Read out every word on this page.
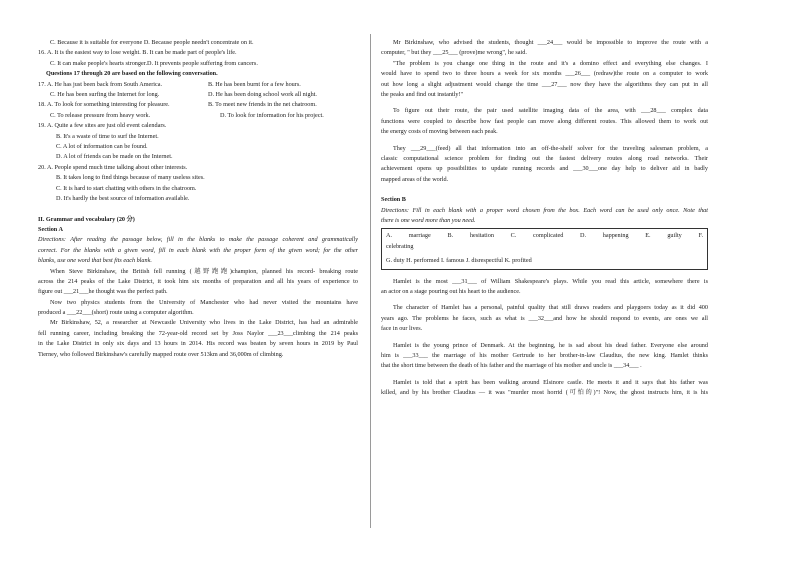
C. Because it is suitable for everyone D. Because people needn't concentrate on it.
16. A. It is the easiest way to lose weight. B. It can be made part of people's life.
C. It can make people's hearts stronger.D. It prevents people suffering from cancers.
Questions 17 through 20 are based on the following conversation.
17. A. He has just been back from South America.	B. He has been burnt for a few hours.
C. He has been surfing the Internet for long.	D. He has been doing school work all night.
18. A. To look for something interesting for pleasure.	B. To meet new friends in the net chatroom.
C. To release pressure from heavy work.	D. To look for information for his project.
19. A. Quite a few sites are just old event calendars.
B. It's a waste of time to surf the Internet.
C. A lot of information can be found.
D. A lot of friends can be made on the Internet.
20. A. People spend much time talking about other interests.
B. It takes long to find things because of many useless sites.
C. It is hard to start chatting with others in the chatroom.
D. It's hardly the best source of information available.
II. Grammar and vocabulary (20 分)
Section A
Directions: After reading the passage below, fill in the blanks to make the passage coherent and grammatically
correct. For the blanks with a given word, fill in each blank with the proper form of the given word; for the other
blanks, use one word that best fits each blank.
When Steve Birkinshaw, the British fell running (越野跑跑)champion, planned his record- breaking route
across the 214 peaks of the Lake District, it took him six months of preparation and all his years of experience to
figure out ___21___he thought was the perfect path.
Now two physics students from the University of Manchester who had never visited the mountains have
produced a ___22___(short) route using a computer algorithm.
Mr Birkinshaw, 52, a researcher at Newcastle University who lives in the Lake District, has had an admirable
fell running career, including breaking the 72-year-old record set by Joss Naylor ___23___climbing the 214 peaks
in the Lake District in only six days and 13 hours in 2014. His record was beaten by seven hours in 2019 by Paul
Tierney, who followed Birkinshaw's carefully mapped route over 513km and 36,000m of climbing.
Mr Birkinshaw, who advised the students, thought ___24___ would be impossible to improve the route with a
computer, " but they ___25___ (prove)me wrong", he said.
"The problem is you change one thing in the route and it's a domino effect and everything else changes. I
would have to spend two to three hours a week for six months ___26___ (redraw)the route on a computer to work
out how long a slight adjustment would change the time ___27___ now they have the algorithms they can put in all
the peaks and find out instantly!"
To figure out their route, the pair used satellite imaging data of the area, with ___28___ complex data
functions were coupled to describe how fast people can move along different routes. This allowed them to work out
the energy costs of moving between each peak.
They ___29___(feed) all that information into an off-the-shelf solver for the traveling salesman problem, a
classic computational science problem for finding out the fastest delivery routes along road networks. Their
achievement opens up possibilities to update running records and ___30___one day help to deliver aid in badly
mapped areas of the world.
Section B
Directions: Fill in each blank with a proper word chosen from the box. Each word can be used only once. Note that
there is one word more than you need.
A. marriage B. hesitation C. complicated D. happening E. guilty F.
celebrating
G. duty H. performed I. famous J. disrespectful K. profited
Hamlet is the most ___31___ of William Shakespeare's plays. While you read this article, somewhere there is
an actor on a stage pouring out his heart to the audience.
The character of Hamlet has a personal, painful quality that still draws readers and playgoers today as it did 400
years ago. The problems he faces, such as what is ___32___and how he should respond to events, are ones we all
face in our lives.
Hamlet is the young prince of Denmark. At the beginning, he is sad about his dead father. Everyone else around
him is ___33___ the marriage of his mother Gertrude to her brother-in-law Claudius, the new king. Hamlet thinks
that the short time between the death of his father and the marriage of his mother and uncle is ___34___ .
Hamlet is told that a spirit has been walking around Elsinore castle. He meets it and it says that his father was
killed, and by his brother Claudius — it was "murder most horrid (可怕的)"! Now, the ghost instructs him, it is his
